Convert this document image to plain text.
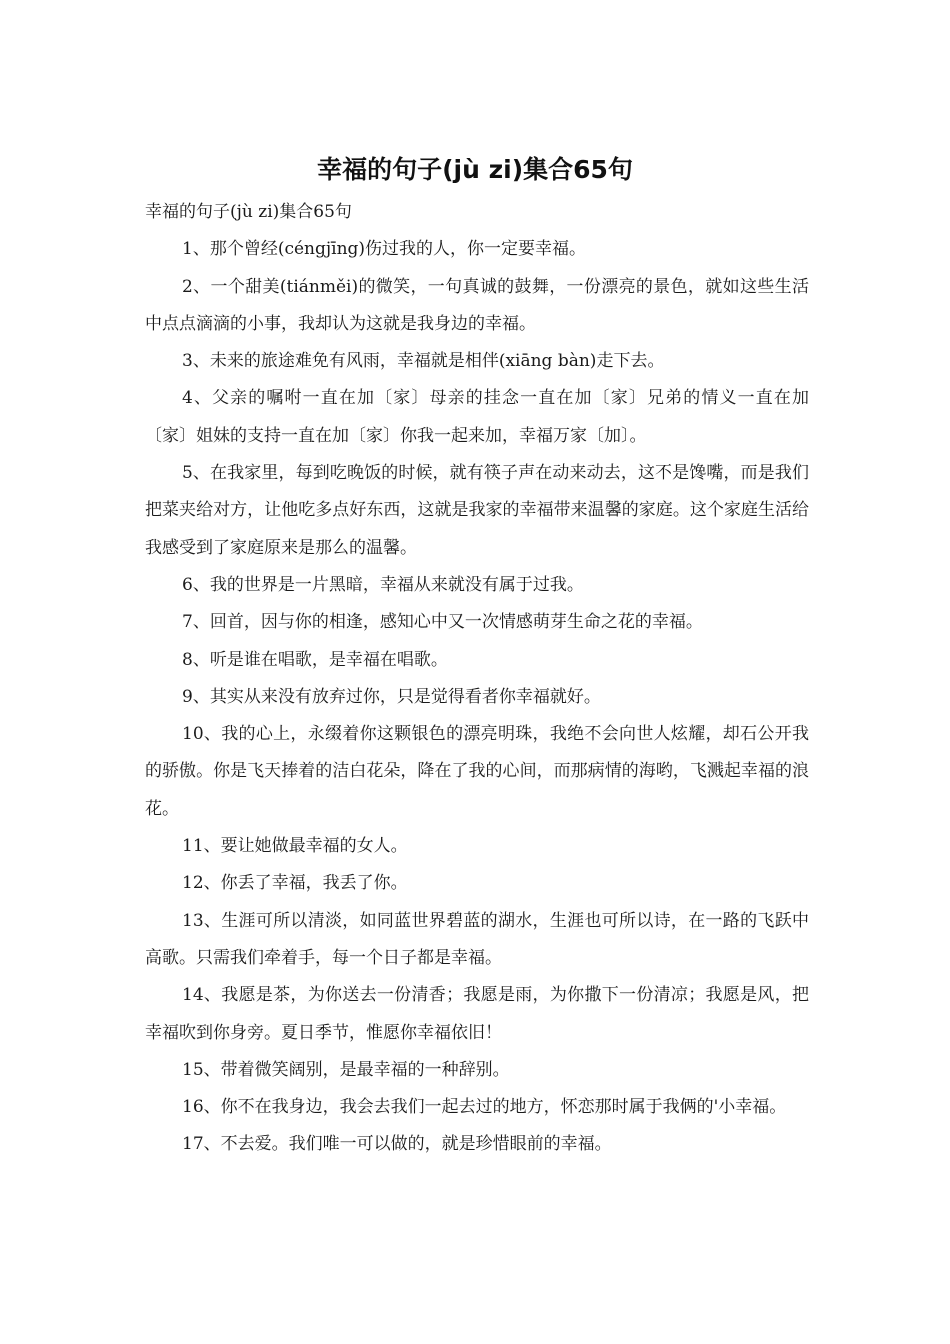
幸福的句子(jù zi)集合65句

幸福的句子(jù zi)集合65句

1、那个曾经(céngjīng)伤过我的人，你一定要幸福。

2、一个甜美(tiánměi)的微笑，一句真诚的鼓舞，一份漂亮的景色，就如这些生活中点点滴滴的小事，我却认为这就是我身边的幸福。

3、未来的旅途难免有风雨，幸福就是相伴(xiāng bàn)走下去。

4、父亲的嘱咐一直在加〔家〕母亲的挂念一直在加〔家〕兄弟的情义一直在加〔家〕姐妹的支持一直在加〔家〕你我一起来加，幸福万家〔加〕。

5、在我家里，每到吃晚饭的时候，就有筷子声在动来动去，这不是馋嘴，而是我们把菜夹给对方，让他吃多点好东西，这就是我家的幸福带来温馨的家庭。这个家庭生活给我感受到了家庭原来是那么的温馨。

6、我的世界是一片黑暗，幸福从来就没有属于过我。

7、回首，因与你的相逢，感知心中又一次情感萌芽生命之花的幸福。

8、听是谁在唱歌，是幸福在唱歌。

9、其实从来没有放弃过你，只是觉得看者你幸福就好。

10、我的心上，永缀着你这颗银色的漂亮明珠，我绝不会向世人炫耀，却石公开我的骄傲。你是飞天捧着的洁白花朵，降在了我的心间，而那病情的海哟，飞溅起幸福的浪花。

11、要让她做最幸福的女人。

12、你丢了幸福，我丢了你。

13、生涯可所以清淡，如同蓝世界碧蓝的湖水，生涯也可所以诗，在一路的飞跃中高歌。只需我们牵着手，每一个日子都是幸福。

14、我愿是茶，为你送去一份清香；我愿是雨，为你撒下一份清凉；我愿是风，把幸福吹到你身旁。夏日季节，惟愿你幸福依旧！

15、带着微笑阔别，是最幸福的一种辞别。

16、你不在我身边，我会去我们一起去过的地方，怀恋那时属于我俩的'小幸福。

17、不去爱。我们唯一可以做的，就是珍惜眼前的幸福。
